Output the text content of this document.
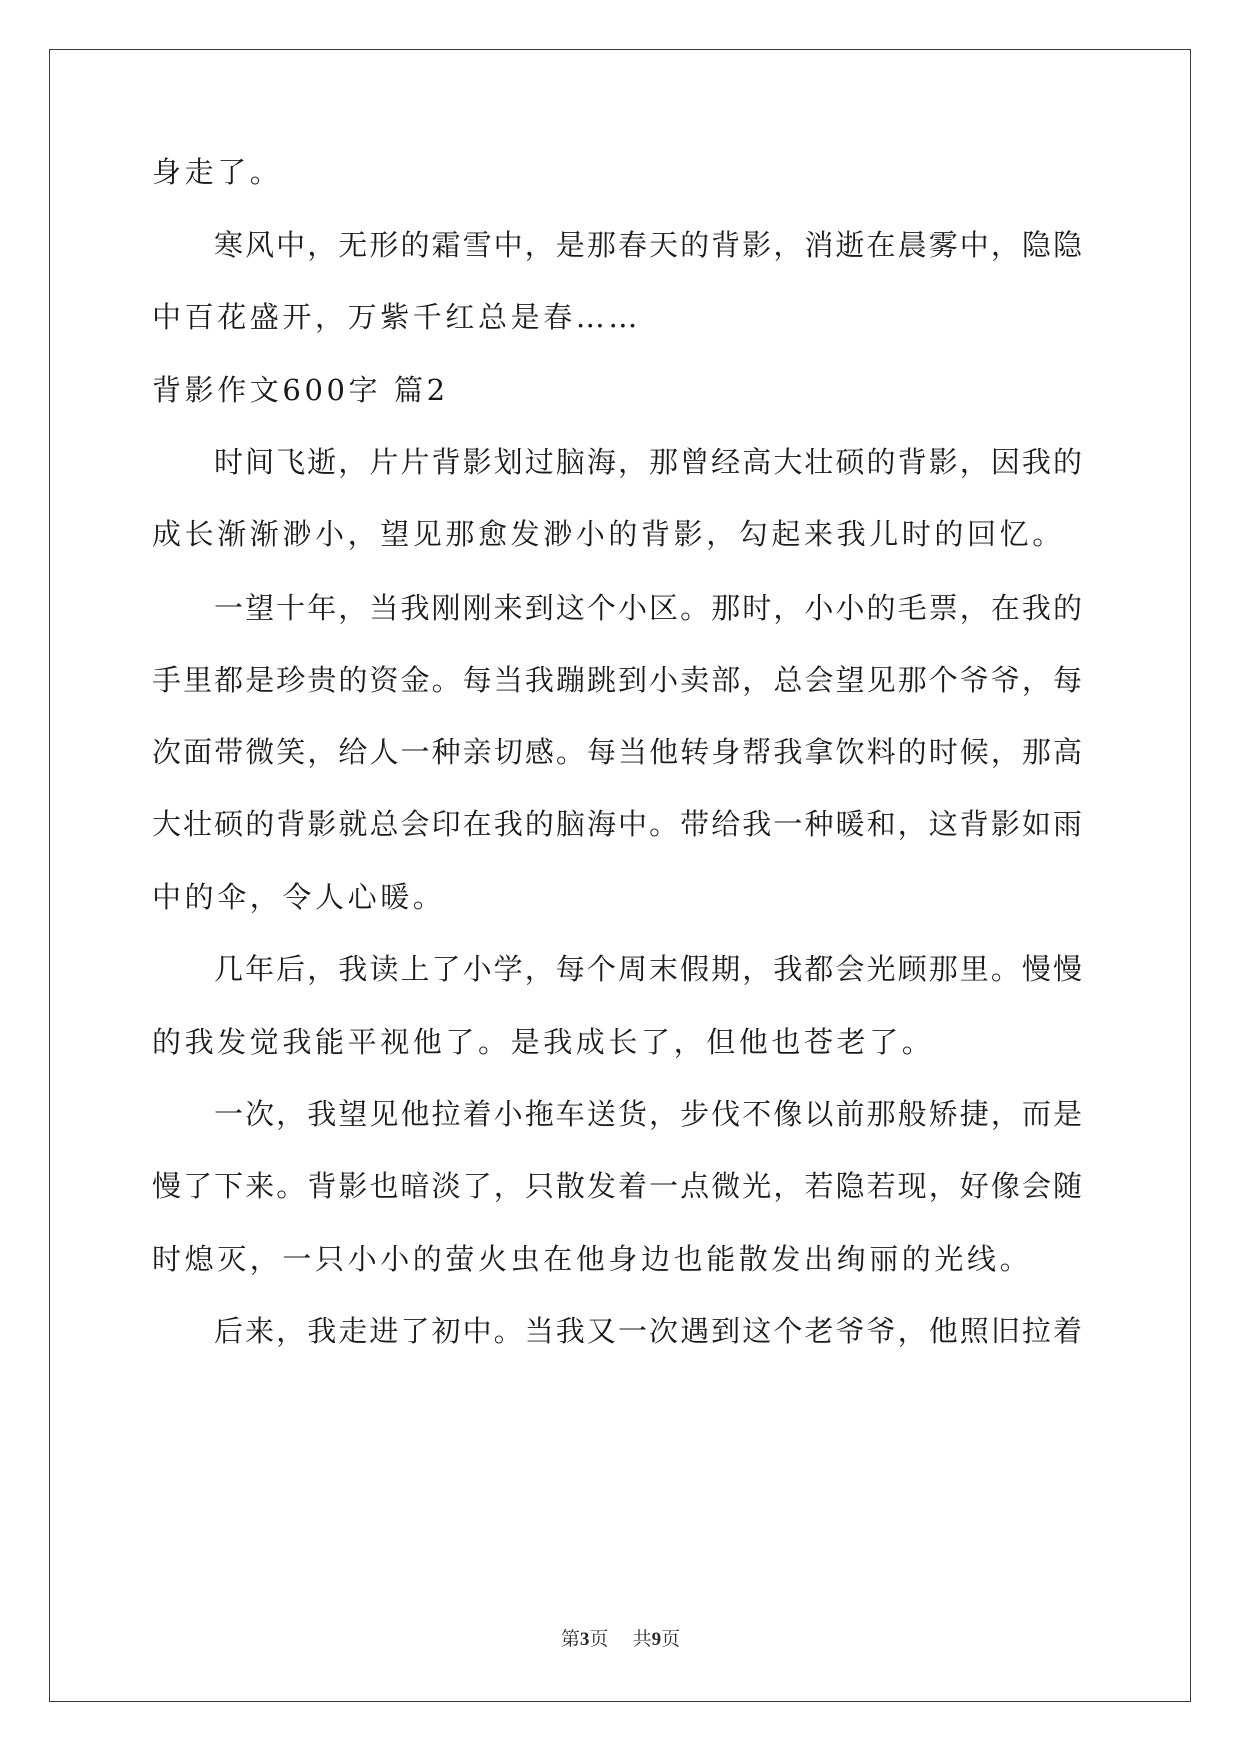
身走了。
寒风中，无形的霜雪中，是那春天的背影，消逝在晨雾中，隐隐
中百花盛开，万紫千红总是春……
背影作文600字 篇2
时间飞逝，片片背影划过脑海，那曾经高大壮硕的背影，因我的
成长渐渐渺小，望见那愈发渺小的背影，勾起来我儿时的回忆。
一望十年，当我刚刚来到这个小区。那时，小小的毛票，在我的
手里都是珍贵的资金。每当我蹦跳到小卖部，总会望见那个爷爷，每
次面带微笑，给人一种亲切感。每当他转身帮我拿饮料的时候，那高
大壮硕的背影就总会印在我的脑海中。带给我一种暖和，这背影如雨
中的伞，令人心暖。
几年后，我读上了小学，每个周末假期，我都会光顾那里。慢慢
的我发觉我能平视他了。是我成长了，但他也苍老了。
一次，我望见他拉着小拖车送货，步伐不像以前那般矫捷，而是
慢了下来。背影也暗淡了，只散发着一点微光，若隐若现，好像会随
时熄灭，一只小小的萤火虫在他身边也能散发出绚丽的光线。
后来，我走进了初中。当我又一次遇到这个老爷爷，他照旧拉着
第3页 共9页
